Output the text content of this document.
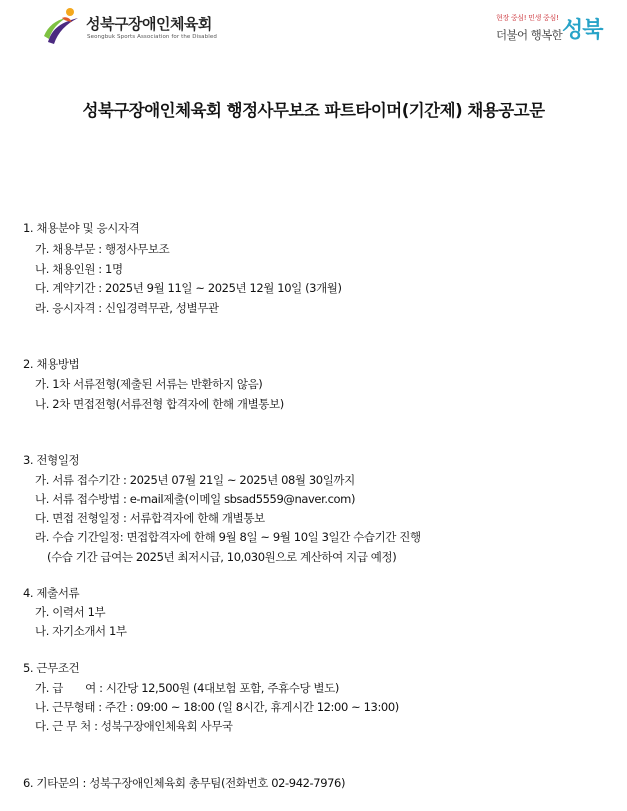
성북구장애인체육회
Seongbuk Sports Association for the Disabled
현장 중심! 민생 중심!
더불어 행복한 성북
성북구장애인체육회 행정사무보조 파트타이머(기간제) 채용공고문
1. 채용분야 및 응시자격
가. 채용부문 : 행정사무보조
나. 채용인원 : 1명
다. 계약기간 : 2025년 9월 11일 ~ 2025년 12월 10일 (3개월)
라. 응시자격 : 신입경력무관, 성별무관
2. 채용방법
가. 1차 서류전형(제출된 서류는 반환하지 않음)
나. 2차 면접전형(서류전형 합격자에 한해 개별통보)
3. 전형일정
가. 서류 접수기간 : 2025년 07월 21일 ~ 2025년 08월 30일까지
나. 서류 접수방법 : e-mail제출(이메일 sbsad5559@naver.com)
다. 면접 전형일정 : 서류합격자에 한해 개별통보
라. 수습 기간일정: 면접합격자에 한해 9월 8일 ~ 9월 10일 3일간 수습기간 진행
(수습 기간 급여는 2025년 최저시급, 10,030원으로 계산하여 지급 예정)
4. 제출서류
가. 이력서 1부
나. 자기소개서 1부
5. 근무조건
가. 급　　여 : 시간당 12,500원 (4대보험 포함, 주휴수당 별도)
나. 근무형태 : 주간 : 09:00 ~ 18:00 (일 8시간, 휴게시간 12:00 ~ 13:00)
다. 근 무 처 : 성북구장애인체육회 사무국
6. 기타문의 : 성북구장애인체육회 총무팀(전화번호 02-942-7976)
